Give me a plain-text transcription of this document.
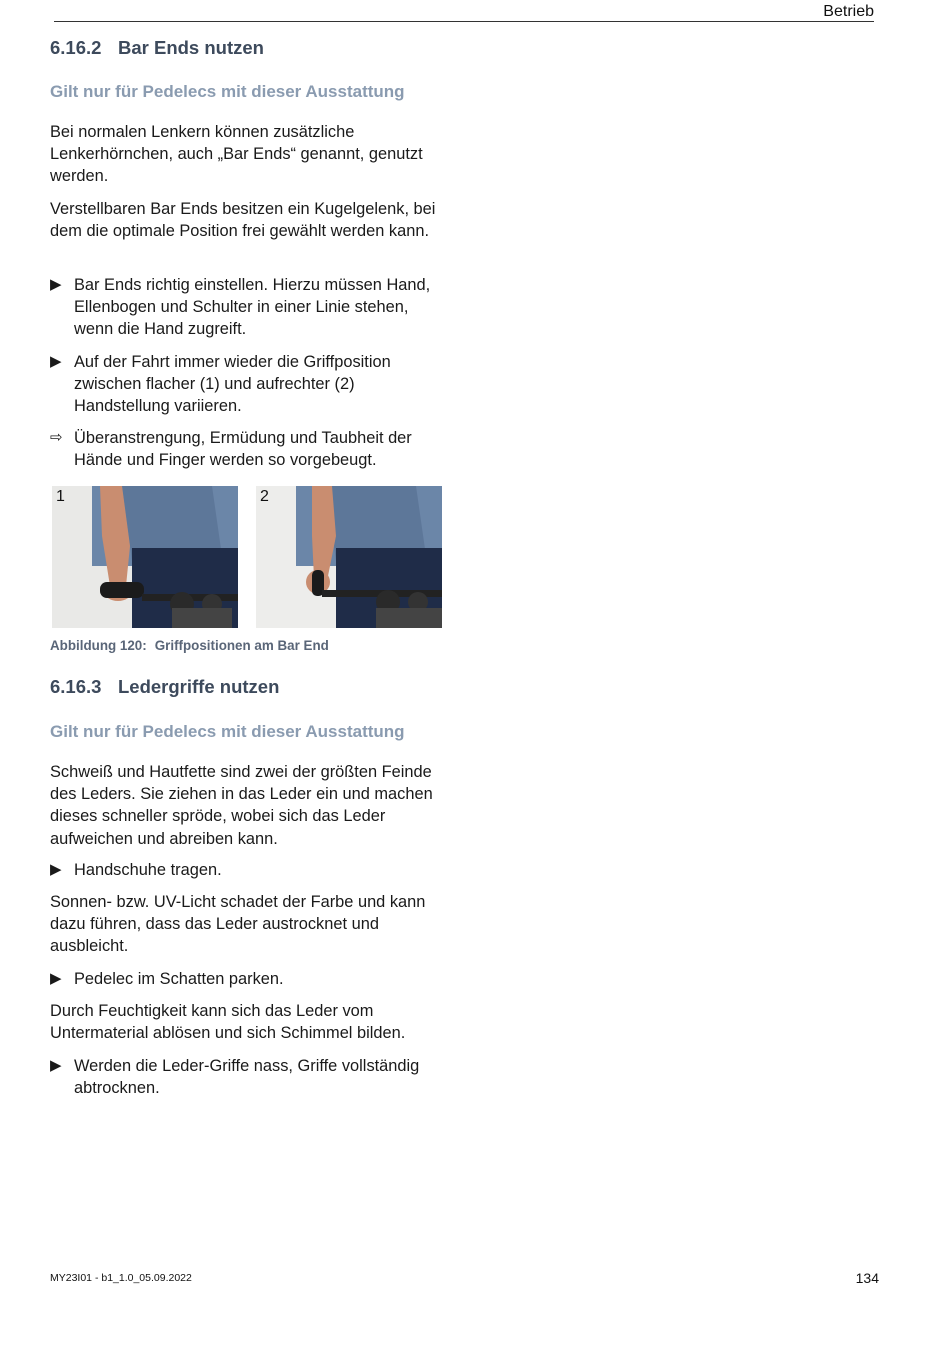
Betrieb
6.16.2 Bar Ends nutzen
Gilt nur für Pedelecs mit dieser Ausstattung
Bei normalen Lenkern können zusätzliche Lenkerhörnchen, auch „Bar Ends“ genannt, genutzt werden.
Verstellbaren Bar Ends besitzen ein Kugelgelenk, bei dem die optimale Position frei gewählt werden kann.
▶ Bar Ends richtig einstellen. Hierzu müssen Hand, Ellenbogen und Schulter in einer Linie stehen, wenn die Hand zugreift.
▶ Auf der Fahrt immer wieder die Griffposition zwischen flacher (1) und aufrechter (2) Handstellung variieren.
⇨ Überanstrengung, Ermüdung und Taubheit der Hände und Finger werden so vorgebeugt.
1	2
Abbildung 120: Griffpositionen am Bar End
6.16.3 Ledergriffe nutzen
Gilt nur für Pedelecs mit dieser Ausstattung
Schweiß und Hautfette sind zwei der größten Feinde des Leders. Sie ziehen in das Leder ein und machen dieses schneller spröde, wobei sich das Leder aufweichen und abreiben kann.
▶ Handschuhe tragen.
Sonnen- bzw. UV-Licht schadet der Farbe und kann dazu führen, dass das Leder austrocknet und ausbleicht.
▶ Pedelec im Schatten parken.
Durch Feuchtigkeit kann sich das Leder vom Untermaterial ablösen und sich Schimmel bilden.
▶ Werden die Leder-Griffe nass, Griffe vollständig abtrocknen.
MY23I01 - b1_1.0_05.09.2022	134
